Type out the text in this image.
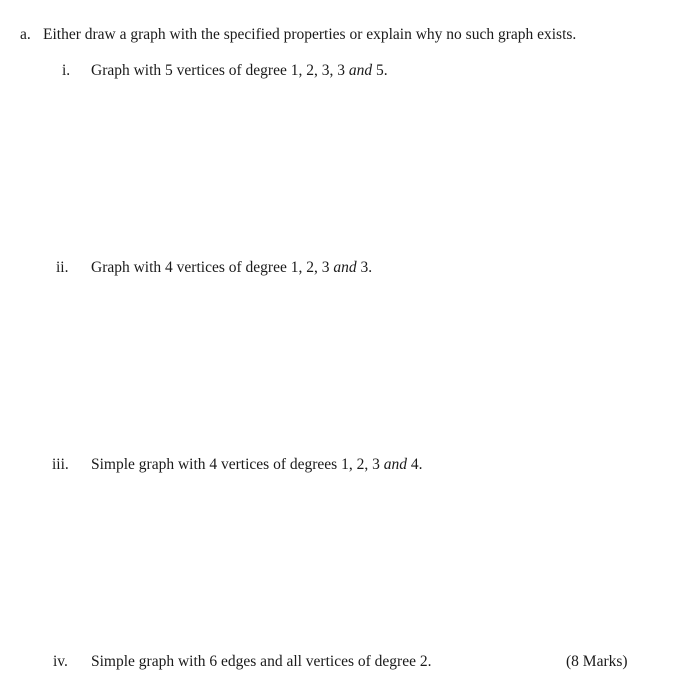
a. Either draw a graph with the specified properties or explain why no such graph exists.
i. Graph with 5 vertices of degree 1, 2, 3, 3 and 5.
ii. Graph with 4 vertices of degree 1, 2, 3 and 3.
iii. Simple graph with 4 vertices of degrees 1, 2, 3 and 4.
iv. Simple graph with 6 edges and all vertices of degree 2.	(8 Marks)
